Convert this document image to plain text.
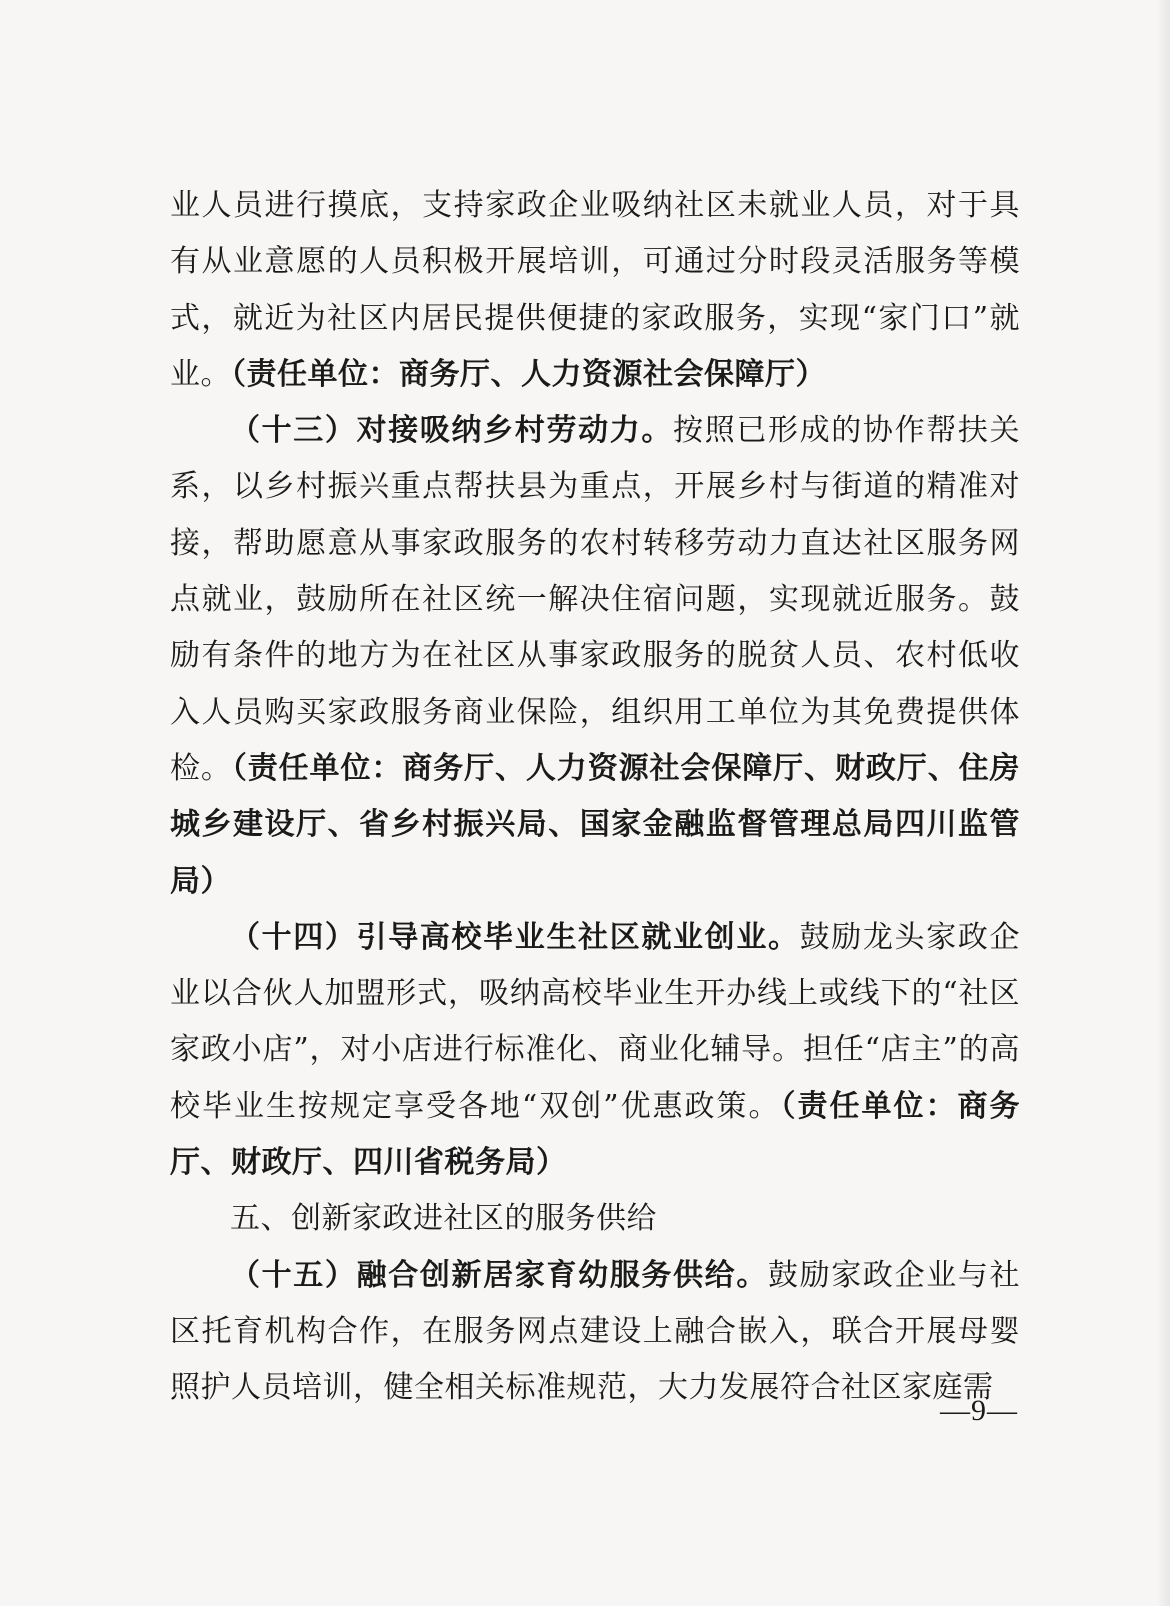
业人员进行摸底，支持家政企业吸纳社区未就业人员，对于具有从业意愿的人员积极开展培训，可通过分时段灵活服务等模式，就近为社区内居民提供便捷的家政服务，实现“家门口”就业。（责任单位：商务厅、人力资源社会保障厅）

（十三）对接吸纳乡村劳动力。按照已形成的协作帮扶关系，以乡村振兴重点帮扶县为重点，开展乡村与街道的精准对接，帮助愿意从事家政服务的农村转移劳动力直达社区服务网点就业，鼓励所在社区统一解决住宿问题，实现就近服务。鼓励有条件的地方为在社区从事家政服务的脱贫人员、农村低收入人员购买家政服务商业保险，组织用工单位为其免费提供体检。（责任单位：商务厅、人力资源社会保障厅、财政厅、住房城乡建设厅、省乡村振兴局、国家金融监督管理总局四川监管局）

（十四）引导高校毕业生社区就业创业。鼓励龙头家政企业以合伙人加盟形式，吸纳高校毕业生开办线上或线下的“社区家政小店”，对小店进行标准化、商业化辅导。担任“店主”的高校毕业生按规定享受各地“双创”优惠政策。（责任单位：商务厅、财政厅、四川省税务局）

五、创新家政进社区的服务供给

（十五）融合创新居家育幼服务供给。鼓励家政企业与社区托育机构合作，在服务网点建设上融合嵌入，联合开展母婴照护人员培训，健全相关标准规范，大力发展符合社区家庭需

—9—
